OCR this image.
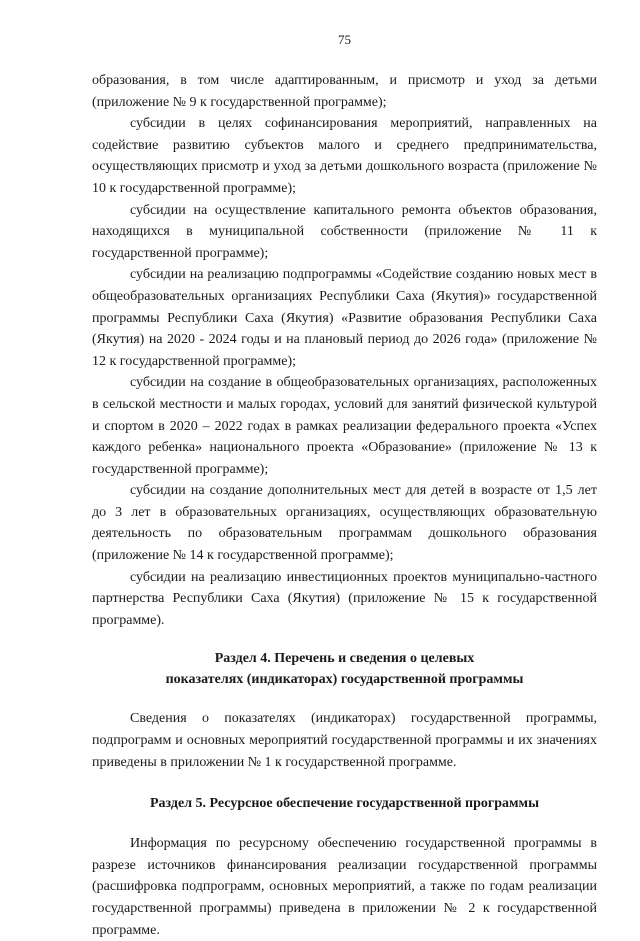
75

образования, в том числе адаптированным, и присмотр и уход за детьми (приложение № 9 к государственной программе);

субсидии в целях софинансирования мероприятий, направленных на содействие развитию субъектов малого и среднего предпринимательства, осуществляющих присмотр и уход за детьми дошкольного возраста (приложение № 10 к государственной программе);

субсидии на осуществление капитального ремонта объектов образования, находящихся в муниципальной собственности (приложение № 11 к государственной программе);

субсидии на реализацию подпрограммы «Содействие созданию новых мест в общеобразовательных организациях Республики Саха (Якутия)» государственной программы Республики Саха (Якутия) «Развитие образования Республики Саха (Якутия) на 2020 - 2024 годы и на плановый период до 2026 года» (приложение № 12 к государственной программе);

субсидии на создание в общеобразовательных организациях, расположенных в сельской местности и малых городах, условий для занятий физической культурой и спортом в 2020 – 2022 годах в рамках реализации федерального проекта «Успех каждого ребенка» национального проекта «Образование» (приложение № 13 к государственной программе);

субсидии на создание дополнительных мест для детей в возрасте от 1,5 лет до 3 лет в образовательных организациях, осуществляющих образовательную деятельность по образовательным программам дошкольного образования (приложение № 14 к государственной программе);

субсидии на реализацию инвестиционных проектов муниципально-частного партнерства Республики Саха (Якутия) (приложение № 15 к государственной программе).

Раздел 4. Перечень и сведения о целевых
показателях (индикаторах) государственной программы

Сведения о показателях (индикаторах) государственной программы, подпрограмм и основных мероприятий государственной программы и их значениях приведены в приложении № 1 к государственной программе.

Раздел 5. Ресурсное обеспечение государственной программы

Информация по ресурсному обеспечению государственной программы в разрезе источников финансирования реализации государственной программы (расшифровка подпрограмм, основных мероприятий, а также по годам реализации государственной программы) приведена в приложении № 2 к государственной программе.
